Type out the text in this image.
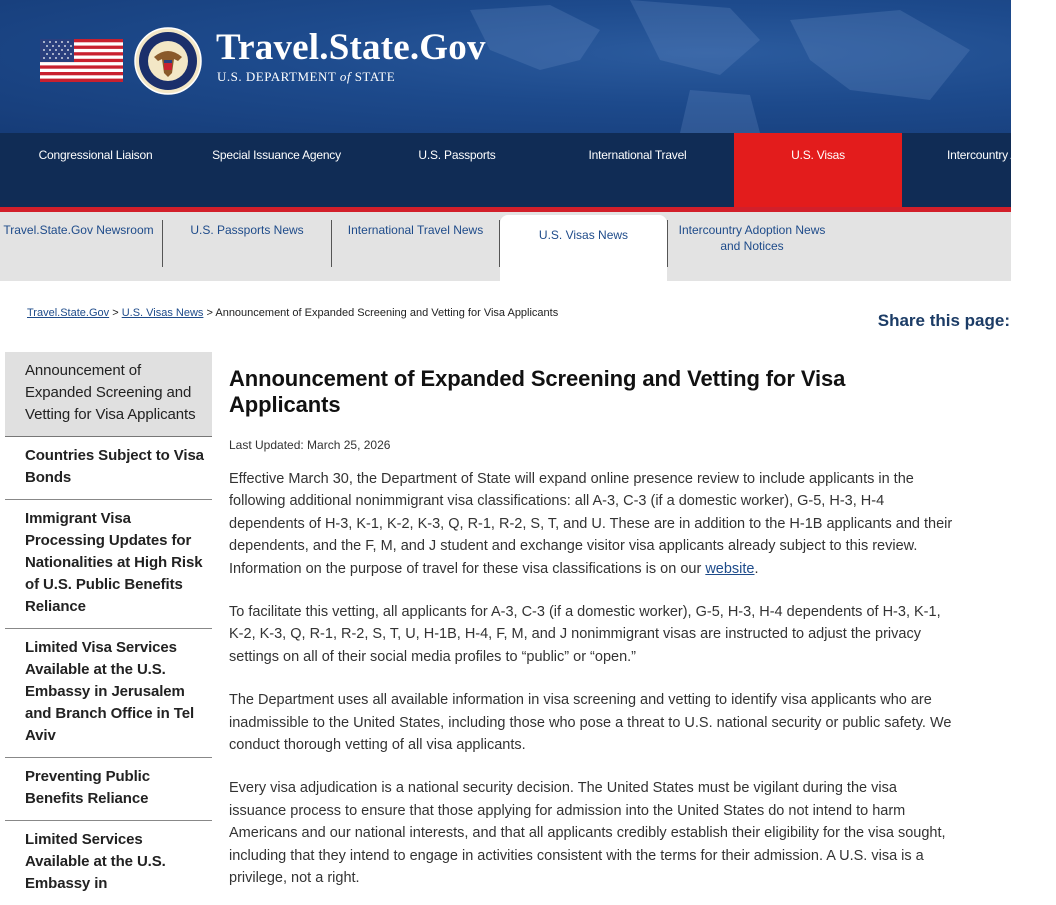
Travel.State.Gov
U.S. DEPARTMENT of STATE
Congressional Liaison	Special Issuance Agency	U.S. Passports	International Travel	U.S. Visas	Intercountry Adoption
Travel.State.Gov Newsroom	U.S. Passports News	International Travel News	U.S. Visas News	Intercountry Adoption News and Notices
Travel.State.Gov > U.S. Visas News > Announcement of Expanded Screening and Vetting for Visa Applicants	Share this page:
Announcement of Expanded Screening and Vetting for Visa Applicants
Countries Subject to Visa Bonds
Immigrant Visa Processing Updates for Nationalities at High Risk of U.S. Public Benefits Reliance
Limited Visa Services Available at the U.S. Embassy in Jerusalem and Branch Office in Tel Aviv
Preventing Public Benefits Reliance
Limited Services Available at the U.S. Embassy in
Announcement of Expanded Screening and Vetting for Visa Applicants
Last Updated: March 25, 2026

Effective March 30, the Department of State will expand online presence review to include applicants in the following additional nonimmigrant visa classifications: all A-3, C-3 (if a domestic worker), G-5, H-3, H-4 dependents of H-3, K-1, K-2, K-3, Q, R-1, R-2, S, T, and U. These are in addition to the H-1B applicants and their dependents, and the F, M, and J student and exchange visitor visa applicants already subject to this review. Information on the purpose of travel for these visa classifications is on our website.

To facilitate this vetting, all applicants for A-3, C-3 (if a domestic worker), G-5, H-3, H-4 dependents of H-3, K-1, K-2, K-3, Q, R-1, R-2, S, T, U, H-1B, H-4, F, M, and J nonimmigrant visas are instructed to adjust the privacy settings on all of their social media profiles to “public” or “open.”

The Department uses all available information in visa screening and vetting to identify visa applicants who are inadmissible to the United States, including those who pose a threat to U.S. national security or public safety. We conduct thorough vetting of all visa applicants.

Every visa adjudication is a national security decision. The United States must be vigilant during the visa issuance process to ensure that those applying for admission into the United States do not intend to harm Americans and our national interests, and that all applicants credibly establish their eligibility for the visa sought, including that they intend to engage in activities consistent with the terms for their admission. A U.S. visa is a privilege, not a right.
